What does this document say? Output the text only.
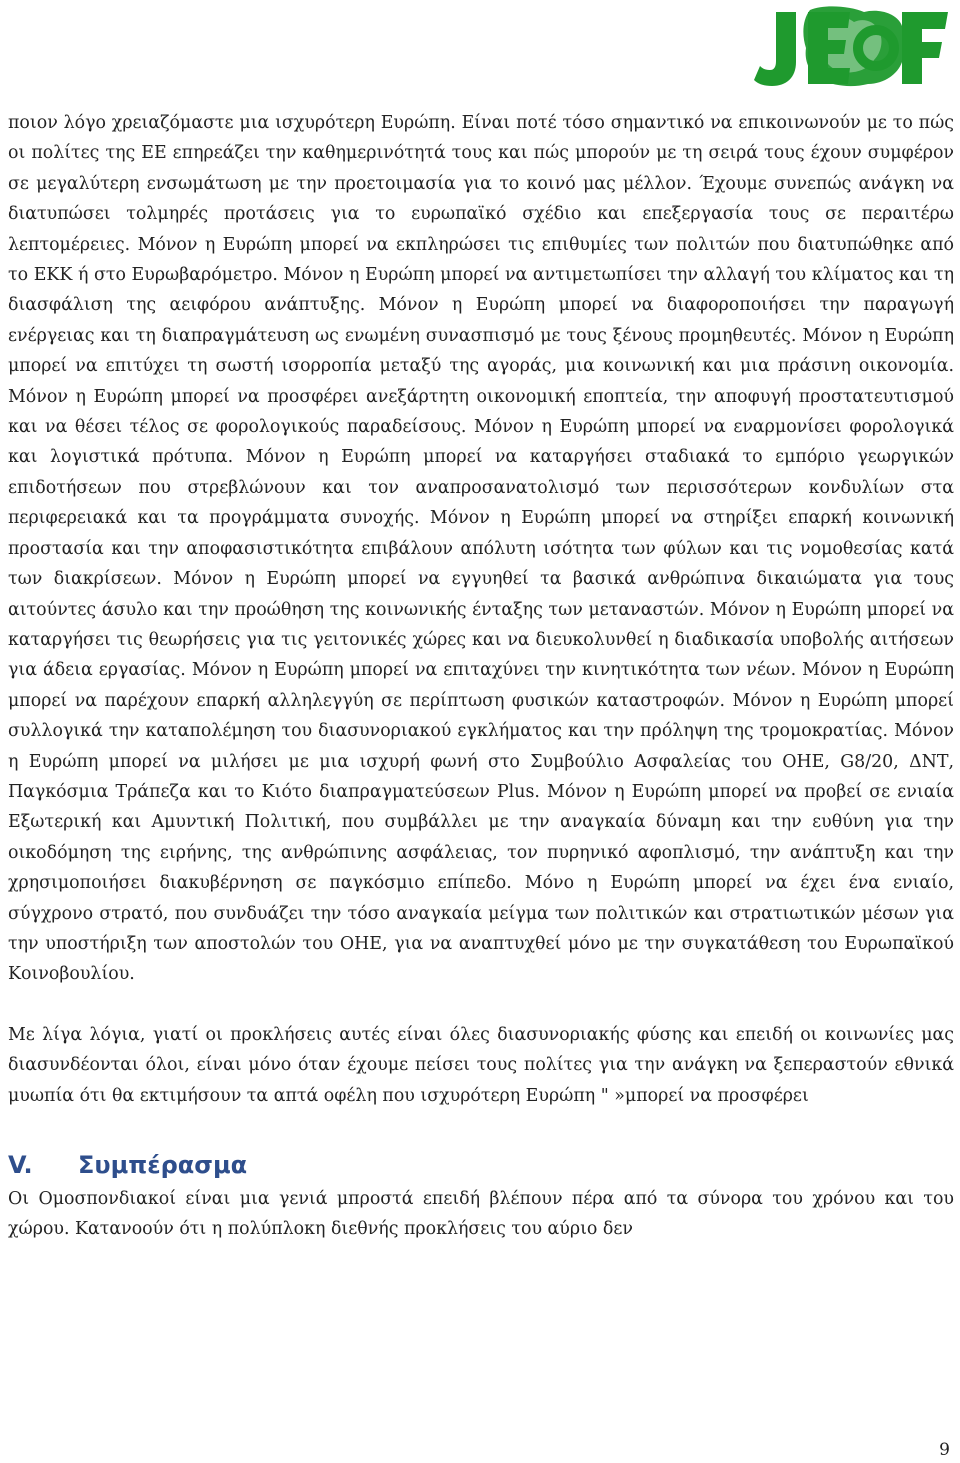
ποιον λόγο χρειαζόμαστε μια ισχυρότερη Ευρώπη. Είναι ποτέ τόσο σημαντικό να επικοινωνούν με το πώς οι πολίτες της ΕΕ επηρεάζει την καθημερινότητά τους και πώς μπορούν με τη σειρά τους έχουν συμφέρον σε μεγαλύτερη ενσωμάτωση με την προετοιμασία για το κοινό μας μέλλον. Έχουμε συνεπώς ανάγκη να διατυπώσει τολμηρές προτάσεις για το ευρωπαϊκό σχέδιο και επεξεργασία τους σε περαιτέρω λεπτομέρειες. Μόνον η Ευρώπη μπορεί να εκπληρώσει τις επιθυμίες των πολιτών που διατυπώθηκε από το ΕΚΚ ή στο Ευρωβαρόμετρο. Μόνον η Ευρώπη μπορεί να αντιμετωπίσει την αλλαγή του κλίματος και τη διασφάλιση της αειφόρου ανάπτυξης. Μόνον η Ευρώπη μπορεί να διαφοροποιήσει την παραγωγή ενέργειας και τη διαπραγμάτευση ως ενωμένη συνασπισμό με τους ξένους προμηθευτές. Μόνον η Ευρώπη μπορεί να επιτύχει τη σωστή ισορροπία μεταξύ της αγοράς, μια κοινωνική και μια πράσινη οικονομία. Μόνον η Ευρώπη μπορεί να προσφέρει ανεξάρτητη οικονομική εποπτεία, την αποφυγή προστατευτισμού και να θέσει τέλος σε φορολογικούς παραδείσους. Μόνον η Ευρώπη μπορεί να εναρμονίσει φορολογικά και λογιστικά πρότυπα. Μόνον η Ευρώπη μπορεί να καταργήσει σταδιακά το εμπόριο γεωργικών επιδοτήσεων που στρεβλώνουν και τον αναπροσανατολισμό των περισσότερων κονδυλίων στα περιφερειακά και τα προγράμματα συνοχής. Μόνον η Ευρώπη μπορεί να στηρίξει επαρκή κοινωνική προστασία και την αποφασιστικότητα επιβάλουν απόλυτη ισότητα των φύλων και τις νομοθεσίας κατά των διακρίσεων. Μόνον η Ευρώπη μπορεί να εγγυηθεί τα βασικά ανθρώπινα δικαιώματα για τους αιτούντες άσυλο και την προώθηση της κοινωνικής ένταξης των μεταναστών. Μόνον η Ευρώπη μπορεί να καταργήσει τις θεωρήσεις για τις γειτονικές χώρες και να διευκολυνθεί η διαδικασία υποβολής αιτήσεων για άδεια εργασίας. Μόνον η Ευρώπη μπορεί να επιταχύνει την κινητικότητα των νέων. Μόνον η Ευρώπη μπορεί να παρέχουν επαρκή αλληλεγγύη σε περίπτωση φυσικών καταστροφών. Μόνον η Ευρώπη μπορεί συλλογικά την καταπολέμηση του διασυνοριακού εγκλήματος και την πρόληψη της τρομοκρατίας. Μόνον η Ευρώπη μπορεί να μιλήσει με μια ισχυρή φωνή στο Συμβούλιο Ασφαλείας του ΟΗΕ, G8/20, ΔΝΤ, Παγκόσμια Τράπεζα και το Κιότο διαπραγματεύσεων Plus. Μόνον η Ευρώπη μπορεί να προβεί σε ενιαία Εξωτερική και Αμυντική Πολιτική, που συμβάλλει με την αναγκαία δύναμη και την ευθύνη για την οικοδόμηση της ειρήνης, της ανθρώπινης ασφάλειας, τον πυρηνικό αφοπλισμό, την ανάπτυξη και την χρησιμοποιήσει διακυβέρνηση σε παγκόσμιο επίπεδο. Μόνο η Ευρώπη μπορεί να έχει ένα ενιαίο, σύγχρονο στρατό, που συνδυάζει την τόσο αναγκαία μείγμα των πολιτικών και στρατιωτικών μέσων για την υποστήριξη των αποστολών του ΟΗΕ, για να αναπτυχθεί μόνο με την συγκατάθεση του Ευρωπαϊκού Κοινοβουλίου.

Με λίγα λόγια, γιατί οι προκλήσεις αυτές είναι όλες διασυνοριακής φύσης και επειδή οι κοινωνίες μας διασυνδέονται όλοι, είναι μόνο όταν έχουμε πείσει τους πολίτες για την ανάγκη να ξεπεραστούν εθνικά μυωπία ότι θα εκτιμήσουν τα απτά οφέλη που ισχυρότερη Ευρώπη " »μπορεί να προσφέρει

V.	Συμπέρασμα

Οι Ομοσπονδιακοί είναι μια γενιά μπροστά επειδή βλέπουν πέρα από τα σύνορα του χρόνου και του χώρου. Κατανοούν ότι η πολύπλοκη διεθνής προκλήσεις του αύριο δεν

9
